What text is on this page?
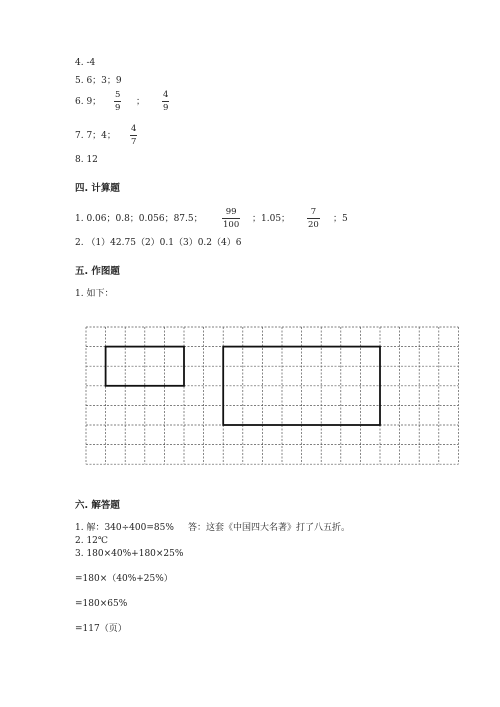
4. -4
5. 6；3；9
6. 9；
5
9
；
4
9
7. 7；4；
4
7
8. 12
四. 计算题
1. 0.06；0.8；0.056；87.5；
99
100
；1.05；
7
20
；5
2. （1）42.75（2）0.1（3）0.2（4）6
五. 作图题
1. 如下：
六. 解答题
1. 解：340÷400=85% 答：这套《中国四大名著》打了八五折。
2. 12℃
3. 180×40%+180×25%
=180×（40%+25%）
=180×65%
=117（页）
